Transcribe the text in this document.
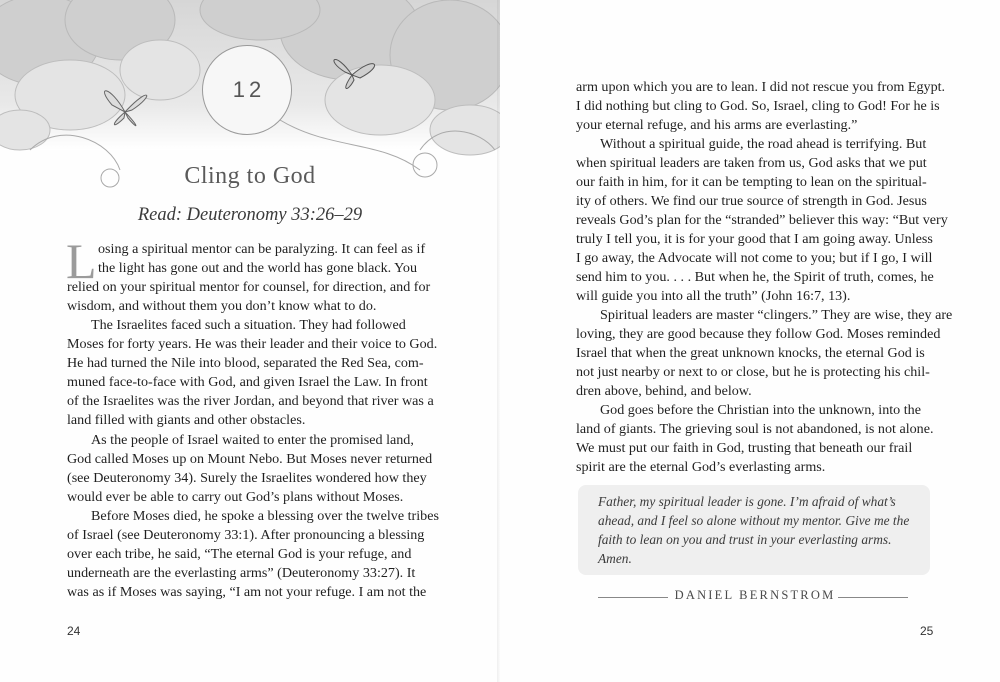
12
Cling to God
Read: Deuteronomy 33:26–29
L osing a spiritual mentor can be paralyzing. It can feel as if
the light has gone out and the world has gone black. You
relied on your spiritual mentor for counsel, for direction, and for
wisdom, and without them you don’t know what to do.
The Israelites faced such a situation. They had followed
Moses for forty years. He was their leader and their voice to God.
He had turned the Nile into blood, separated the Red Sea, com-
muned face-to-face with God, and given Israel the Law. In front
of the Israelites was the river Jordan, and beyond that river was a
land filled with giants and other obstacles.
As the people of Israel waited to enter the promised land,
God called Moses up on Mount Nebo. But Moses never returned
(see Deuteronomy 34). Surely the Israelites wondered how they
would ever be able to carry out God’s plans without Moses.
Before Moses died, he spoke a blessing over the twelve tribes
of Israel (see Deuteronomy 33:1). After pronouncing a blessing
over each tribe, he said, “The eternal God is your refuge, and
underneath are the everlasting arms” (Deuteronomy 33:27). It
was as if Moses was saying, “I am not your refuge. I am not the
24
arm upon which you are to lean. I did not rescue you from Egypt.
I did nothing but cling to God. So, Israel, cling to God! For he is
your eternal refuge, and his arms are everlasting.”
Without a spiritual guide, the road ahead is terrifying. But
when spiritual leaders are taken from us, God asks that we put
our faith in him, for it can be tempting to lean on the spiritual-
ity of others. We find our true source of strength in God. Jesus
reveals God’s plan for the “stranded” believer this way: “But very
truly I tell you, it is for your good that I am going away. Unless
I go away, the Advocate will not come to you; but if I go, I will
send him to you. . . . But when he, the Spirit of truth, comes, he
will guide you into all the truth” (John 16:7, 13).
Spiritual leaders are master “clingers.” They are wise, they are
loving, they are good because they follow God. Moses reminded
Israel that when the great unknown knocks, the eternal God is
not just nearby or next to or close, but he is protecting his chil-
dren above, behind, and below.
God goes before the Christian into the unknown, into the
land of giants. The grieving soul is not abandoned, is not alone.
We must put our faith in God, trusting that beneath our frail
spirit are the eternal God’s everlasting arms.
Father, my spiritual leader is gone. I’m afraid of what’s
ahead, and I feel so alone without my mentor. Give me the
faith to lean on you and trust in your everlasting arms.
Amen.
DANIEL BERNSTROM
25
